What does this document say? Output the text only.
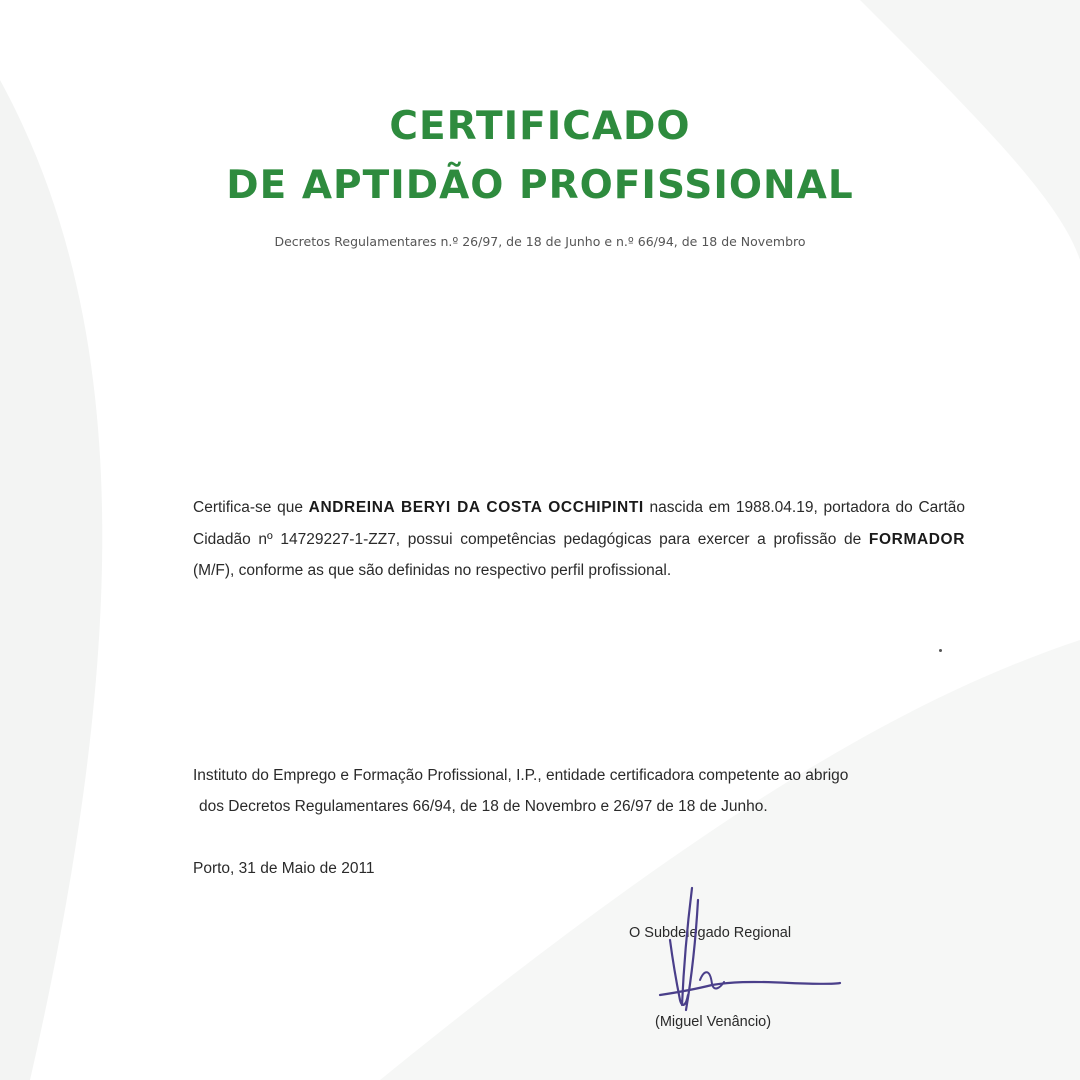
CERTIFICADO
DE APTIDÃO PROFISSIONAL
Decretos Regulamentares n.º 26/97, de 18 de Junho e n.º 66/94, de 18 de Novembro
Certifica-se que ANDREINA BERYI DA COSTA OCCHIPINTI nascida em 1988.04.19, portadora do Cartão Cidadão nº 14729227-1-ZZ7, possui competências pedagógicas para exercer a profissão de FORMADOR (M/F), conforme as que são definidas no respectivo perfil profissional.
Instituto do Emprego e Formação Profissional, I.P., entidade certificadora competente ao abrigo
dos Decretos Regulamentares 66/94, de 18 de Novembro e 26/97 de 18 de Junho.
Porto, 31 de Maio de 2011
O Subdelegado Regional
(Miguel Venâncio)
